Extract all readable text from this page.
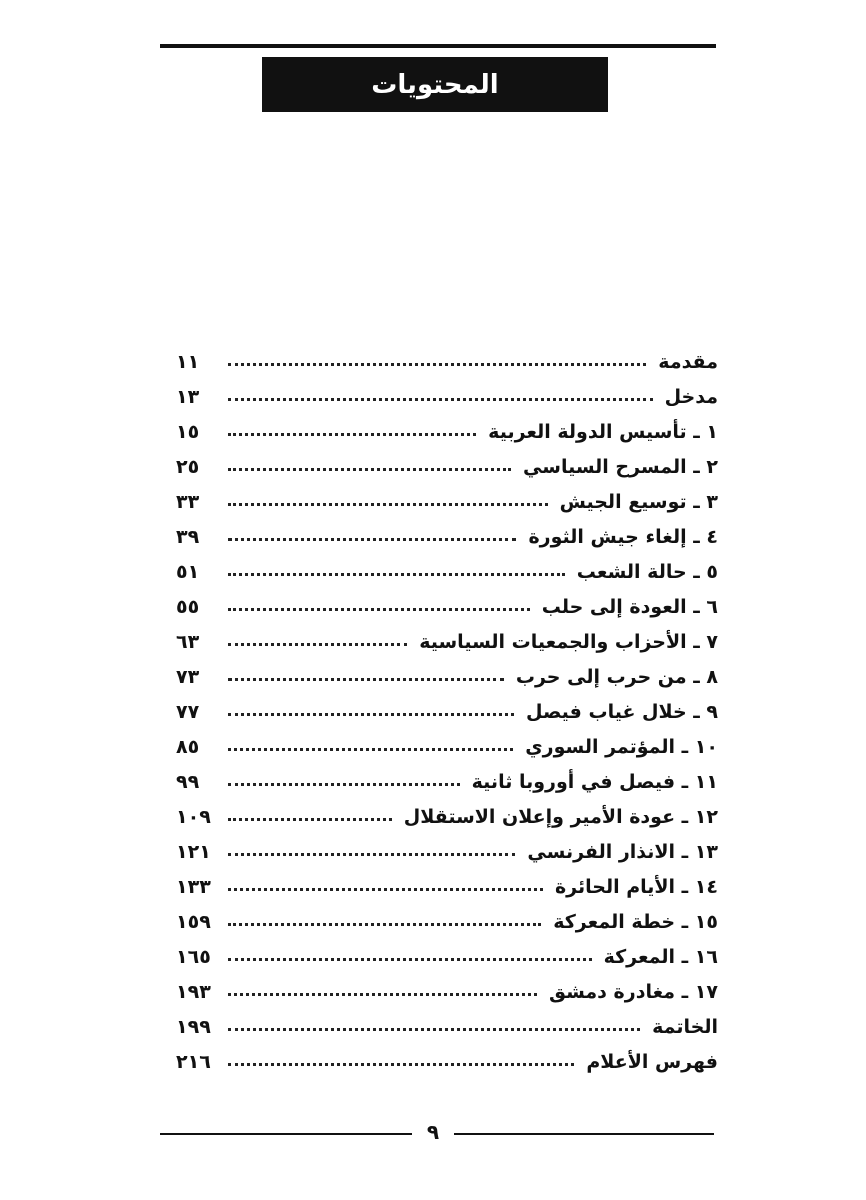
المحتويات
مقدمة
١١
مدخل
١٣
١ ـ تأسيس الدولة العربية
١٥
٢ ـ المسرح السياسي
٢٥
٣ ـ توسيع الجيش
٣٣
٤ ـ إلغاء جيش الثورة
٣٩
٥ ـ حالة الشعب
٥١
٦ ـ العودة إلى حلب
٥٥
٧ ـ الأحزاب والجمعيات السياسية
٦٣
٨ ـ من حرب إلى حرب
٧٣
٩ ـ خلال غياب فيصل
٧٧
١٠ ـ المؤتمر السوري
٨٥
١١ ـ فيصل في أوروبا ثانية
٩٩
١٢ ـ عودة الأمير وإعلان الاستقلال
١٠٩
١٣ ـ الانذار الفرنسي
١٢١
١٤ ـ الأيام الحائرة
١٣٣
١٥ ـ خطة المعركة
١٥٩
١٦ ـ المعركة
١٦٥
١٧ ـ مغادرة دمشق
١٩٣
الخاتمة
١٩٩
فهرس الأعلام
٢١٦
٩
